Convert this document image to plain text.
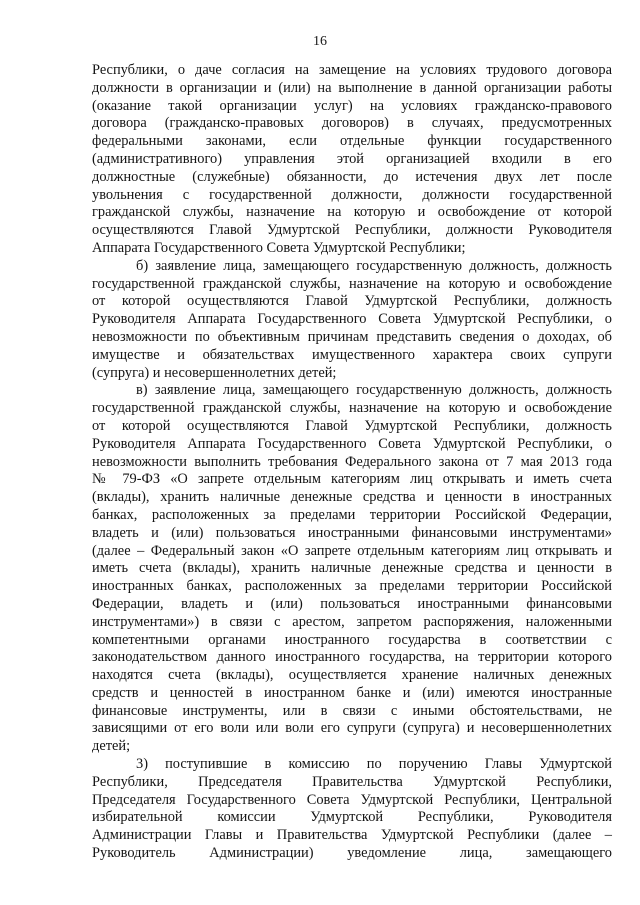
16
Республики, о даче согласия на замещение на условиях трудового договора
должности в организации и (или) на выполнение в данной организации работы
(оказание такой организации услуг) на условиях гражданско-правового
договора (гражданско-правовых договоров) в случаях, предусмотренных
федеральными законами, если отдельные функции государственного
(административного) управления этой организацией входили в его
должностные (служебные) обязанности, до истечения двух лет после
увольнения с государственной должности, должности государственной
гражданской службы, назначение на которую и освобождение от которой
осуществляются Главой Удмуртской Республики, должности Руководителя
Аппарата Государственного Совета Удмуртской Республики;
б) заявление лица, замещающего государственную должность, должность
государственной гражданской службы, назначение на которую и освобождение
от которой осуществляются Главой Удмуртской Республики, должность
Руководителя Аппарата Государственного Совета Удмуртской Республики, о
невозможности по объективным причинам представить сведения о доходах, об
имуществе и обязательствах имущественного характера своих супруги
(супруга) и несовершеннолетних детей;
в) заявление лица, замещающего государственную должность, должность
государственной гражданской службы, назначение на которую и освобождение
от которой осуществляются Главой Удмуртской Республики, должность
Руководителя Аппарата Государственного Совета Удмуртской Республики, о
невозможности выполнить требования Федерального закона от 7 мая 2013 года
№ 79-ФЗ «О запрете отдельным категориям лиц открывать и иметь счета
(вклады), хранить наличные денежные средства и ценности в иностранных
банках, расположенных за пределами территории Российской Федерации,
владеть и (или) пользоваться иностранными финансовыми инструментами»
(далее – Федеральный закон «О запрете отдельным категориям лиц открывать и
иметь счета (вклады), хранить наличные денежные средства и ценности в
иностранных банках, расположенных за пределами территории Российской
Федерации, владеть и (или) пользоваться иностранными финансовыми
инструментами») в связи с арестом, запретом распоряжения, наложенными
компетентными органами иностранного государства в соответствии с
законодательством данного иностранного государства, на территории которого
находятся счета (вклады), осуществляется хранение наличных денежных
средств и ценностей в иностранном банке и (или) имеются иностранные
финансовые инструменты, или в связи с иными обстоятельствами, не
зависящими от его воли или воли его супруги (супруга) и несовершеннолетних
детей;
3) поступившие в комиссию по поручению Главы Удмуртской
Республики, Председателя Правительства Удмуртской Республики,
Председателя Государственного Совета Удмуртской Республики, Центральной
избирательной комиссии Удмуртской Республики, Руководителя
Администрации Главы и Правительства Удмуртской Республики (далее –
Руководитель Администрации) уведомление лица, замещающего
